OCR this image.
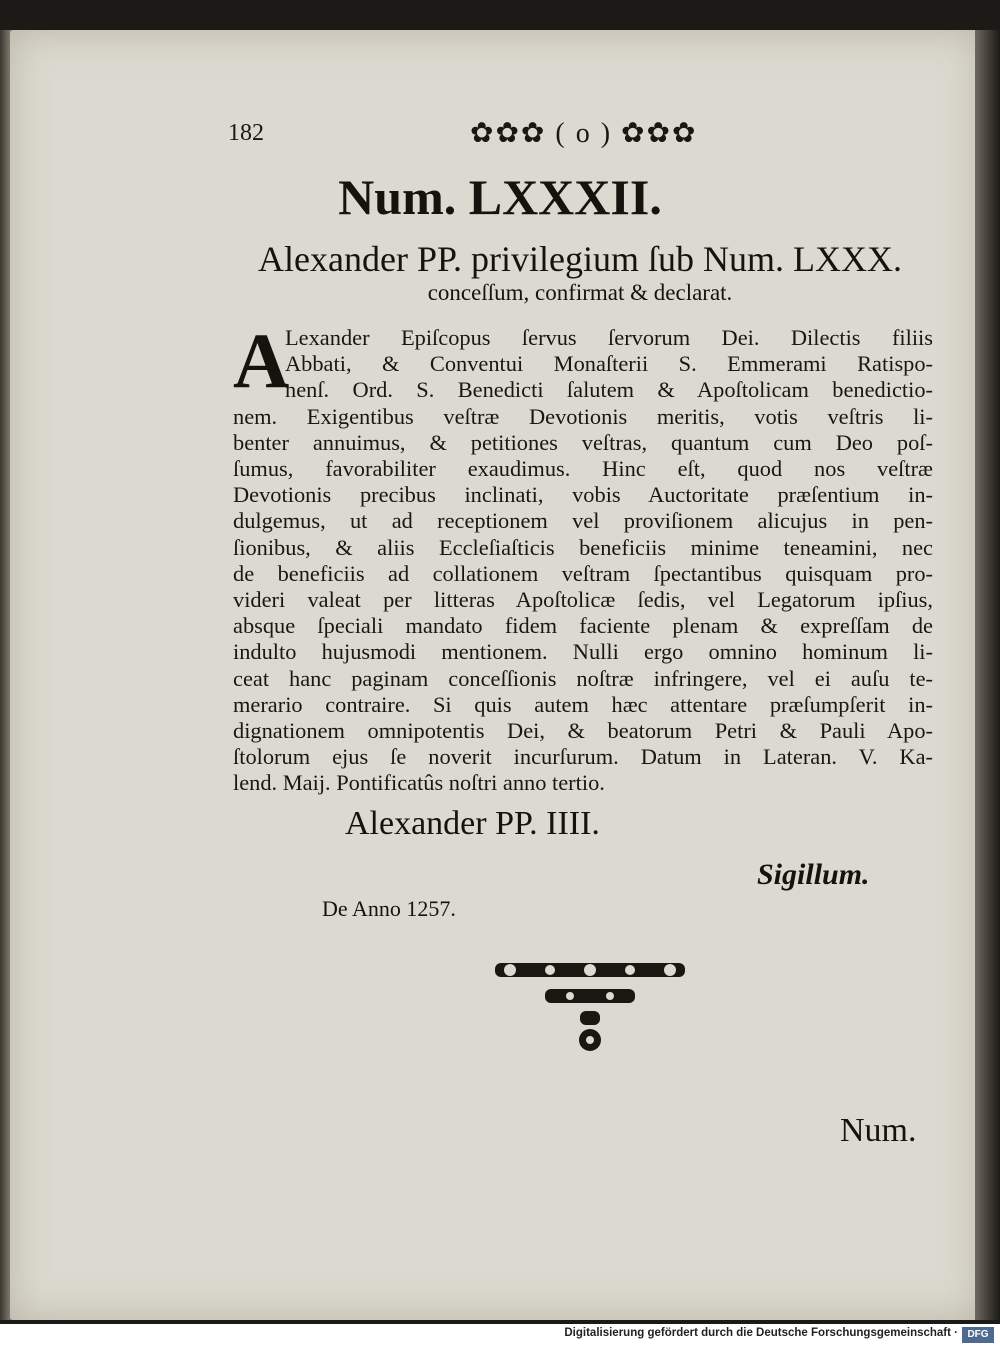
182	✿✿✿ ( o ) ✿✿✿
Num. LXXXII.
Alexander PP. privilegium ſub Num. LXXX.
conceſſum, confirmat & declarat.
A
Lexander Epiſcopus ſervus ſervorum Dei. Dilectis filiis
Abbati, & Conventui Monaſterii S. Emmerami Ratispo-
nenſ. Ord. S. Benedicti ſalutem & Apoſtolicam benedictio-
nem. Exigentibus veſtræ Devotionis meritis, votis veſtris li-
benter annuimus, & petitiones veſtras, quantum cum Deo poſ-
ſumus, favorabiliter exaudimus. Hinc eſt, quod nos veſtræ
Devotionis precibus inclinati, vobis Auctoritate præſentium in-
dulgemus, ut ad receptionem vel proviſionem alicujus in pen-
ſionibus, & aliis Eccleſiaſticis beneficiis minime teneamini, nec
de beneficiis ad collationem veſtram ſpectantibus quisquam pro-
videri valeat per litteras Apoſtolicæ ſedis, vel Legatorum ipſius,
absque ſpeciali mandato fidem faciente plenam & expreſſam de
indulto hujusmodi mentionem. Nulli ergo omnino hominum li-
ceat hanc paginam conceſſionis noſtræ infringere, vel ei auſu te-
merario contraire. Si quis autem hæc attentare præſumpſerit in-
dignationem omnipotentis Dei, & beatorum Petri & Pauli Apo-
ſtolorum ejus ſe noverit incurſurum. Datum in Lateran. V. Ka-
lend. Maij. Pontificatûs noſtri anno tertio.
Alexander PP. IIII.
Sigillum.
De Anno 1257.
Num.
Digitalisierung gefördert durch die Deutsche Forschungsgemeinschaft · DFG
